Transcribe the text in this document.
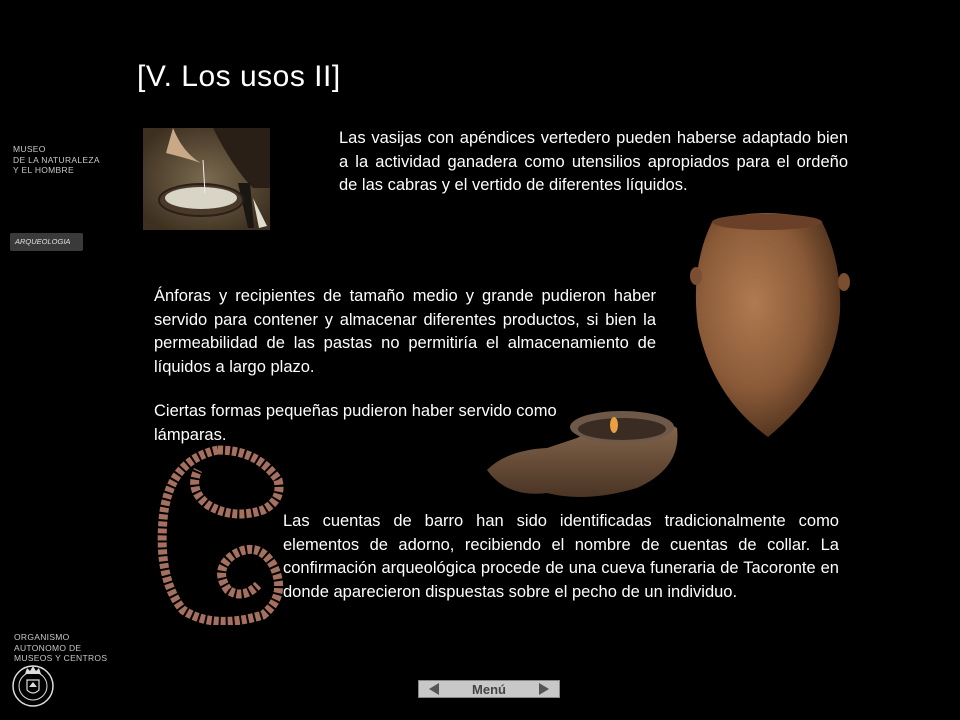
[V. Los usos II]
MUSEO
DE LA NATURALEZA
Y EL HOMBRE
ARQUEOLOGIA
ORGANISMO
AUTONOMO DE
MUSEOS Y CENTROS
Las vasijas con apéndices vertedero pueden haberse adaptado bien a la actividad ganadera como utensilios apropiados para el ordeño de las cabras y el vertido de diferentes líquidos.
Ánforas y recipientes de tamaño medio y grande pudieron haber servido para contener y almacenar diferentes productos, si bien la permeabilidad de las pastas no permitiría el almacenamiento de líquidos a largo plazo.
Ciertas formas pequeñas pudieron haber servido como lámparas.
Las cuentas de barro han sido identificadas tradicionalmente como elementos de adorno, recibiendo el nombre de cuentas de collar. La confirmación arqueológica procede de una cueva funeraria de Tacoronte en donde aparecieron dispuestas sobre el pecho de un individuo.
Menú
